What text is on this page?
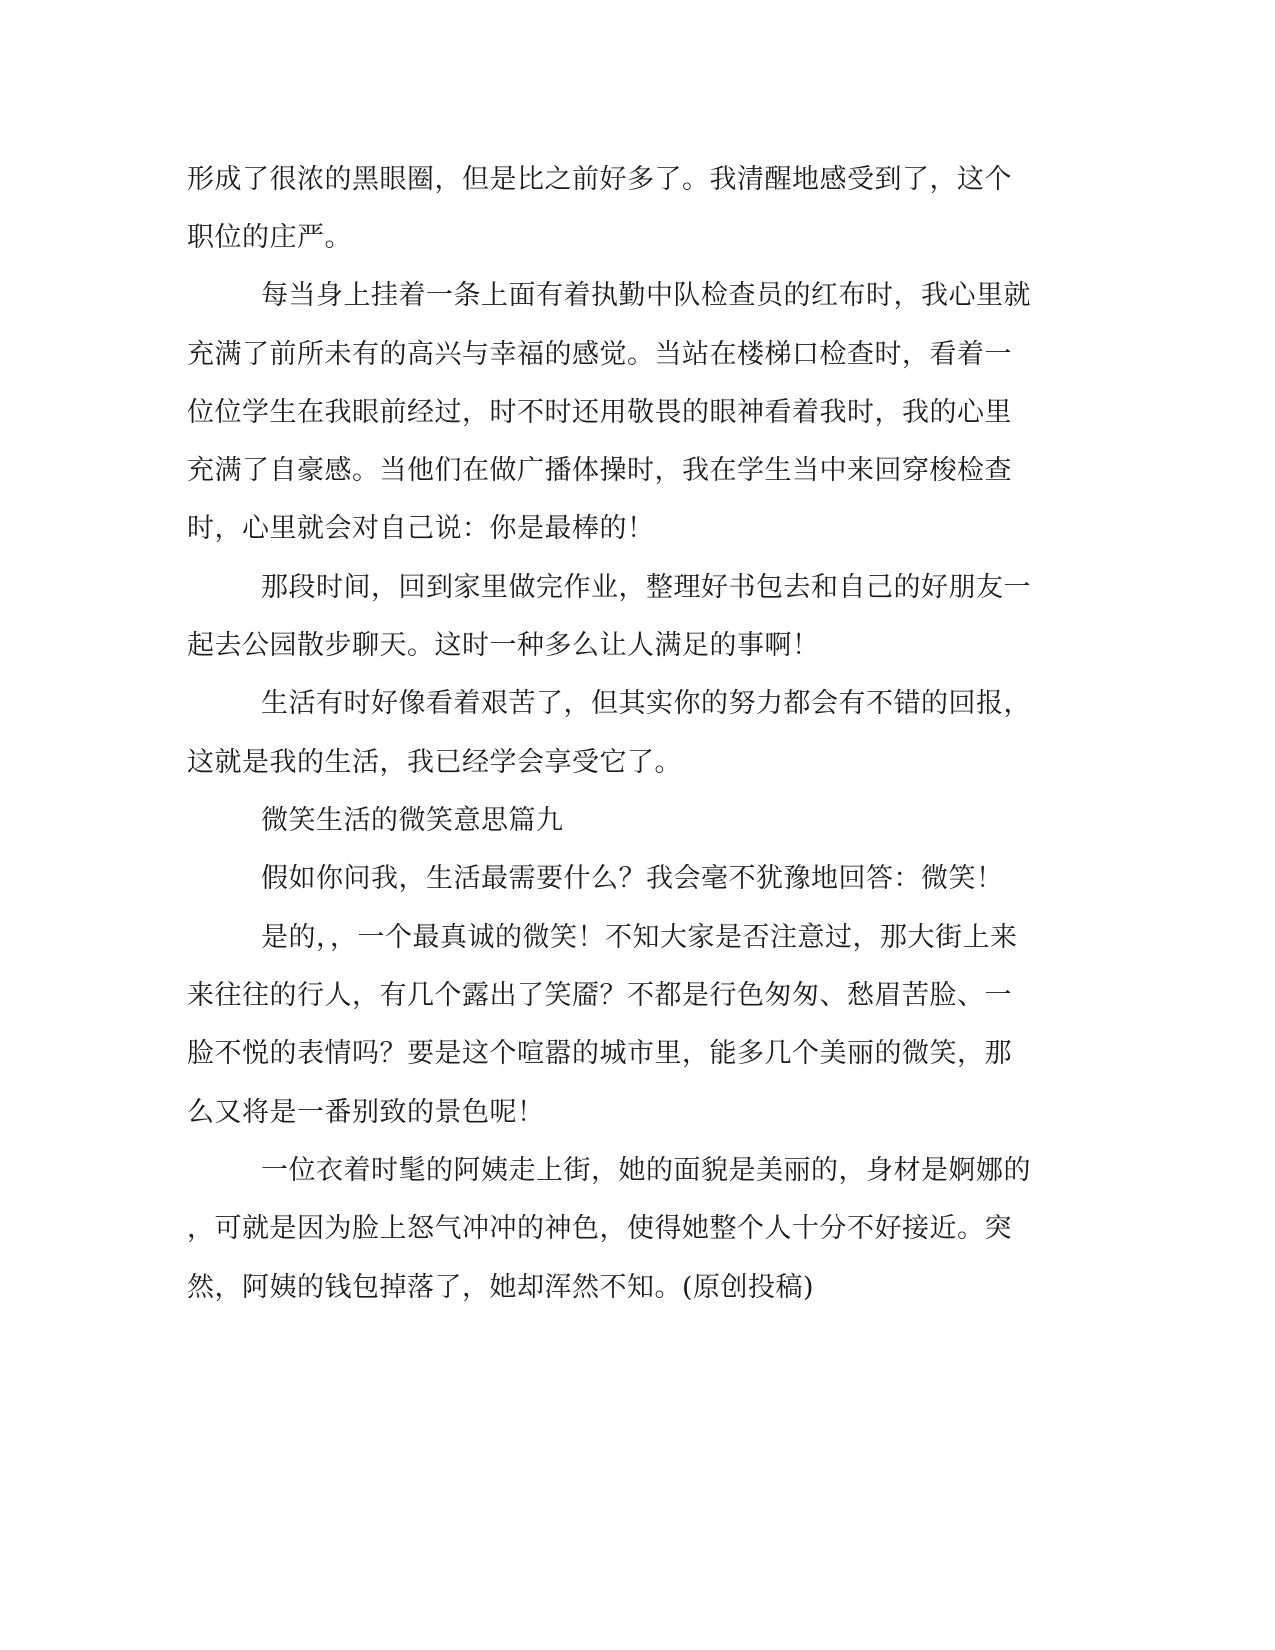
形成了很浓的黑眼圈，但是比之前好多了。我清醒地感受到了，这个
职位的庄严。
每当身上挂着一条上面有着执勤中队检查员的红布时，我心里就
充满了前所未有的高兴与幸福的感觉。当站在楼梯口检查时，看着一
位位学生在我眼前经过，时不时还用敬畏的眼神看着我时，我的心里
充满了自豪感。当他们在做广播体操时，我在学生当中来回穿梭检查
时，心里就会对自己说：你是最棒的！
那段时间，回到家里做完作业，整理好书包去和自己的好朋友一
起去公园散步聊天。这时一种多么让人满足的事啊！
生活有时好像看着艰苦了，但其实你的努力都会有不错的回报，
这就是我的生活，我已经学会享受它了。
微笑生活的微笑意思篇九
假如你问我，生活最需要什么？我会毫不犹豫地回答：微笑！
是的，，一个最真诚的微笑！不知大家是否注意过，那大街上来
来往往的行人，有几个露出了笑靥？不都是行色匆匆、愁眉苦脸、一
脸不悦的表情吗？要是这个喧嚣的城市里，能多几个美丽的微笑，那
么又将是一番别致的景色呢！
一位衣着时髦的阿姨走上街，她的面貌是美丽的，身材是婀娜的
，可就是因为脸上怒气冲冲的神色，使得她整个人十分不好接近。突
然，阿姨的钱包掉落了，她却浑然不知。(原创投稿)
